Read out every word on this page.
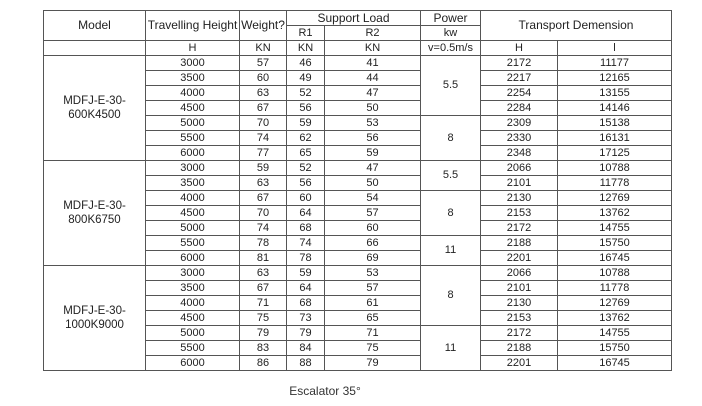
Model	Travelling Height	Weight?	Support Load		Power	Transport Demension	
			R1	R2	kw		
	H	KN	KN	KN	v=0.5m/s	H	l
MDFJ-E-30-600K4500	3000	57	46	41	5.5	2172	11177
	3500	60	49	44		2217	12165
	4000	63	52	47		2254	13155
	4500	67	56	50		2284	14146
	5000	70	59	53	8	2309	15138
	5500	74	62	56		2330	16131
	6000	77	65	59		2348	17125
MDFJ-E-30-800K6750	3000	59	52	47	5.5	2066	10788
	3500	63	56	50		2101	11778
	4000	67	60	54	8	2130	12769
	4500	70	64	57		2153	13762
	5000	74	68	60		2172	14755
	5500	78	74	66	11	2188	15750
	6000	81	78	69		2201	16745
MDFJ-E-30-1000K9000	3000	63	59	53	8	2066	10788
	3500	67	64	57		2101	11778
	4000	71	68	61		2130	12769
	4500	75	73	65		2153	13762
	5000	79	79	71	11	2172	14755
	5500	83	84	75		2188	15750
	6000	86	88	79		2201	16745
Escalator 35°
